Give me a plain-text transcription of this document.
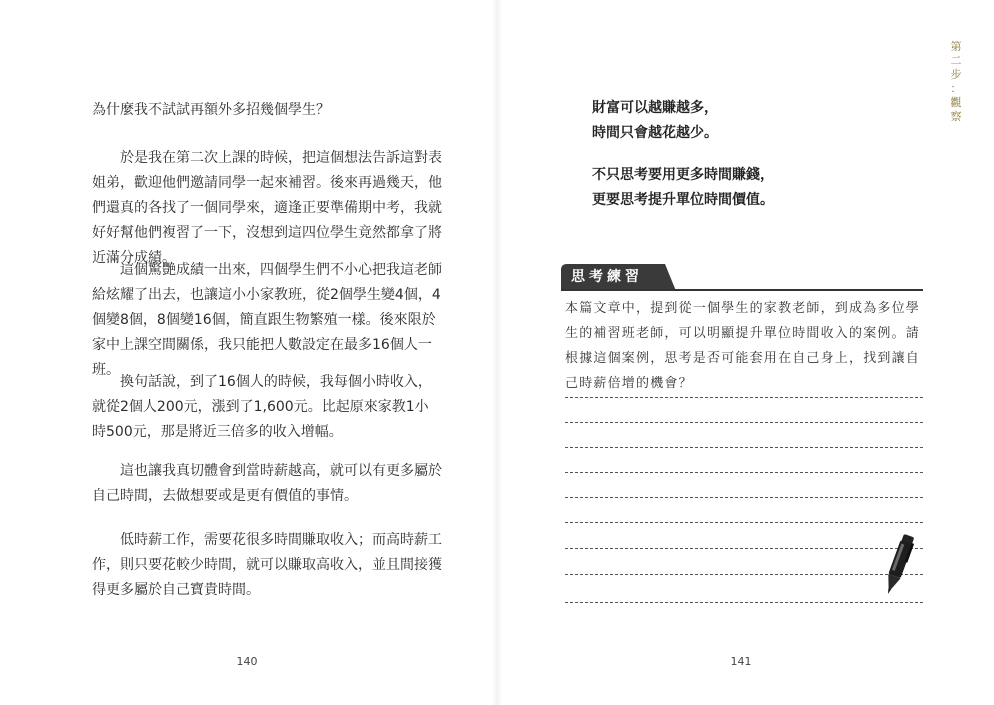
為什麼我不試試再額外多招幾個學生？

於是我在第二次上課的時候，把這個想法告訴這對表姐弟，歡迎他們邀請同學一起來補習。後來再過幾天，他們還真的各找了一個同學來，適逢正要準備期中考，我就好好幫他們複習了一下，沒想到這四位學生竟然都拿了將近滿分成績。

這個驚艷成績一出來，四個學生們不小心把我這老師給炫耀了出去，也讓這小小家教班，從2個學生變4個，4個變8個，8個變16個，簡直跟生物繁殖一樣。後來限於家中上課空間關係，我只能把人數設定在最多16個人一班。

換句話說，到了16個人的時候，我每個小時收入，就從2個人200元，漲到了1,600元。比起原來家教1小時500元，那是將近三倍多的收入增幅。

這也讓我真切體會到當時薪越高，就可以有更多屬於自己時間，去做想要或是更有價值的事情。

低時薪工作，需要花很多時間賺取收入；而高時薪工作，則只要花較少時間，就可以賺取高收入，並且間接獲得更多屬於自己寶貴時間。

140
第
二
步
：
觀
察
財富可以越賺越多，
時間只會越花越少。
不只思考要用更多時間賺錢，
更要思考提升單位時間價值。
思考練習

本篇文章中，提到從一個學生的家教老師，到成為多位學生的補習班老師，可以明顯提升單位時間收入的案例。請根據這個案例，思考是否可能套用在自己身上，找到讓自己時薪倍增的機會？

141
